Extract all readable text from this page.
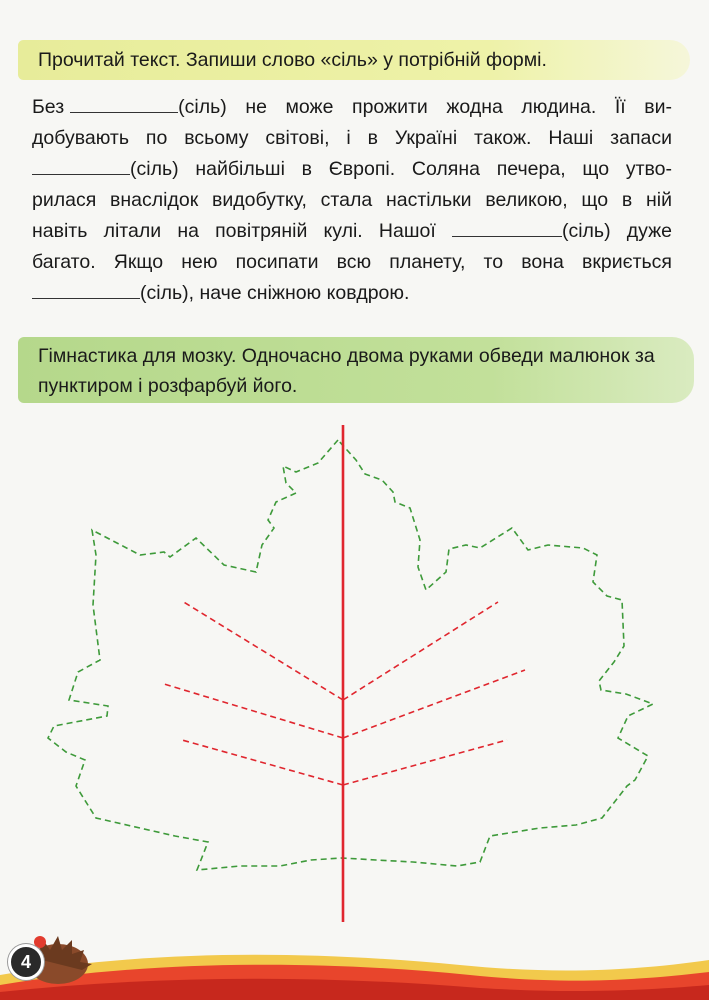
Прочитай текст. Запиши слово «сіль» у потрібній формі.
Без	(сіль) не може прожити жодна людина. Її ви-
добувають по всьому світові, і в Україні також. Наші запаси
(сіль) найбільші в Європі. Соляна печера, що утво-
рилася внаслідок видобутку, стала настільки великою, що в ній
навіть літали на повітряній кулі. Нашої	(сіль) дуже
багато. Якщо нею посипати всю планету, то вона вкриється
(сіль), наче сніжною ковдрою.
Гімнастика для мозку. Одночасно двома руками обведи малюнок за пунктиром і розфарбуй його.
4
